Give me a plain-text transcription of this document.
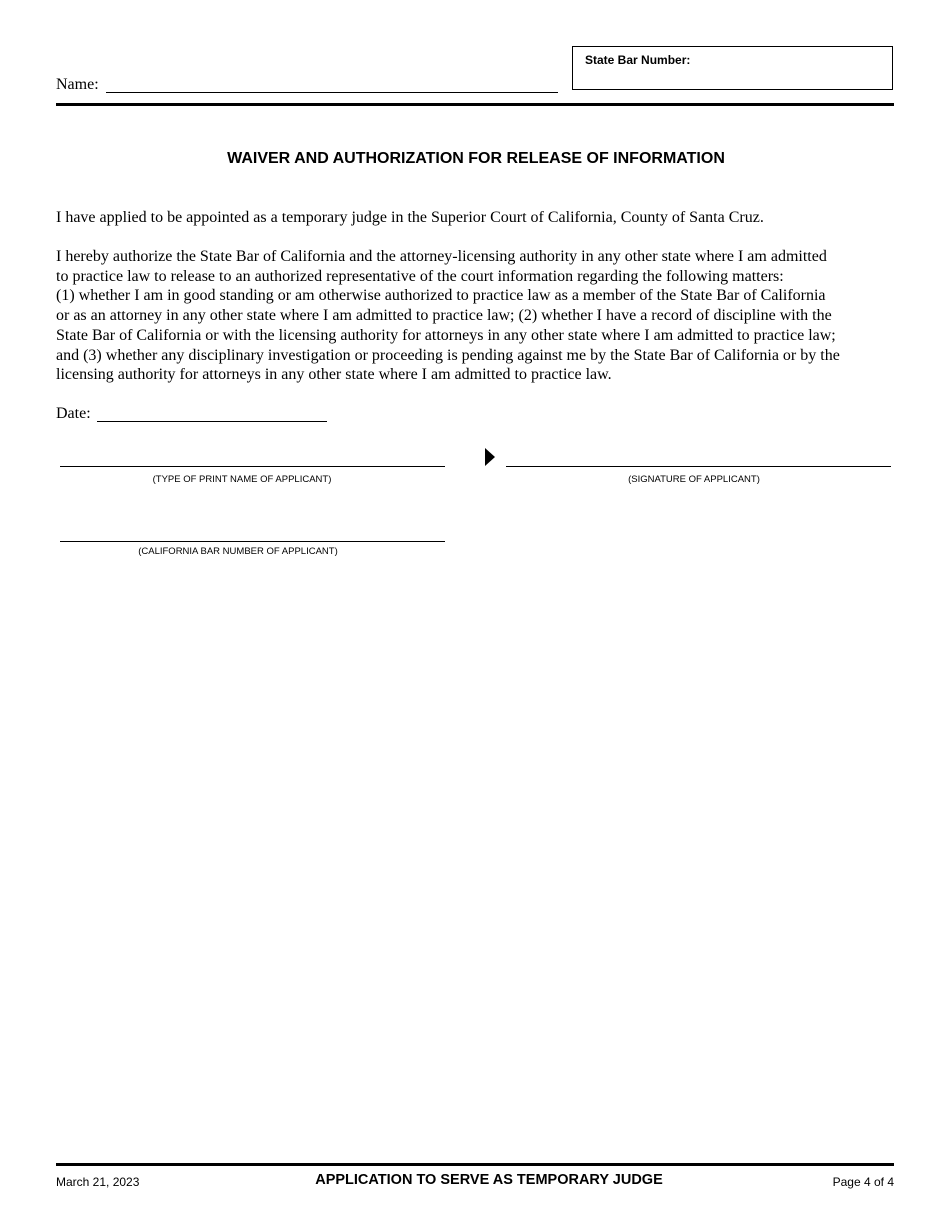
Name:
State Bar Number:
WAIVER AND AUTHORIZATION FOR RELEASE OF INFORMATION
I have applied to be appointed as a temporary judge in the Superior Court of California, County of Santa Cruz.
I hereby authorize the State Bar of California and the attorney-licensing authority in any other state where I am admitted
to practice law to release to an authorized representative of the court information regarding the following matters:
(1) whether I am in good standing or am otherwise authorized to practice law as a member of the State Bar of California
or as an attorney in any other state where I am admitted to practice law; (2) whether I have a record of discipline with the
State Bar of California or with the licensing authority for attorneys in any other state where I am admitted to practice law;
and (3) whether any disciplinary investigation or proceeding is pending against me by the State Bar of California or by the
licensing authority for attorneys in any other state where I am admitted to practice law.
Date:
(TYPE OF PRINT NAME OF APPLICANT)	(SIGNATURE OF APPLICANT)
(CALIFORNIA BAR NUMBER OF APPLICANT)
March 21, 2023	APPLICATION TO SERVE AS TEMPORARY JUDGE	Page 4 of 4
